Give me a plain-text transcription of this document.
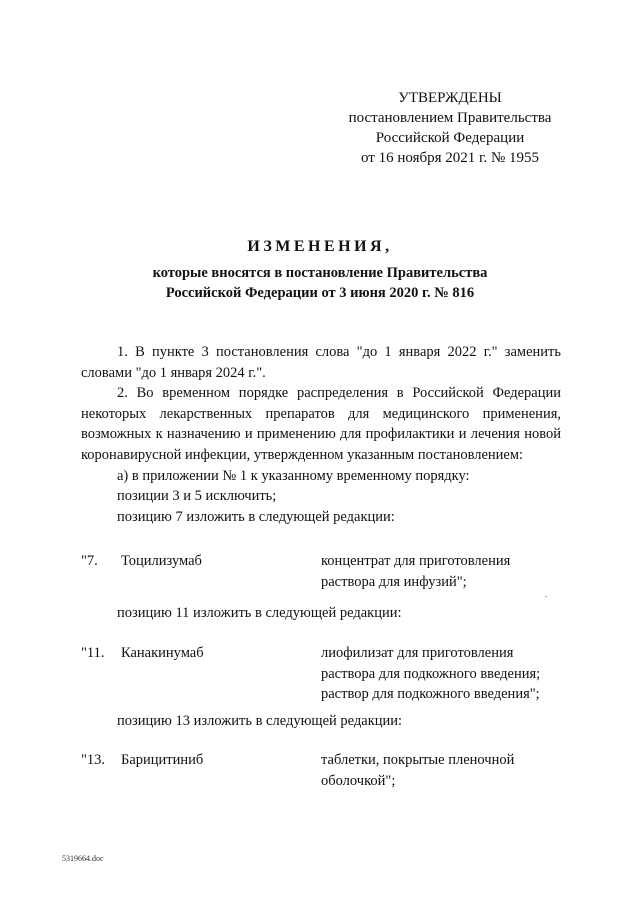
УТВЕРЖДЕНЫ
постановлением Правительства
Российской Федерации
от 16 ноября 2021 г. № 1955
ИЗМЕНЕНИЯ,
которые вносятся в постановление Правительства
Российской Федерации от 3 июня 2020 г. № 816
1. В пункте 3 постановления слова "до 1 января 2022 г." заменить словами "до 1 января 2024 г.".
2. Во временном порядке распределения в Российской Федерации некоторых лекарственных препаратов для медицинского применения, возможных к назначению и применению для профилактики и лечения новой коронавирусной инфекции, утвержденном указанным постановлением:
а) в приложении № 1 к указанному временному порядку:
позиции 3 и 5 исключить;
позицию 7 изложить в следующей редакции:
"7. Тоцилизумаб	концентрат для приготовления
раствора для инфузий";
позицию 11 изложить в следующей редакции:
"11. Канакинумаб	лиофилизат для приготовления
раствора для подкожного введения;
раствор для подкожного введения";
позицию 13 изложить в следующей редакции:
"13. Барицитиниб	таблетки, покрытые пленочной
оболочкой";
5319664.doc
